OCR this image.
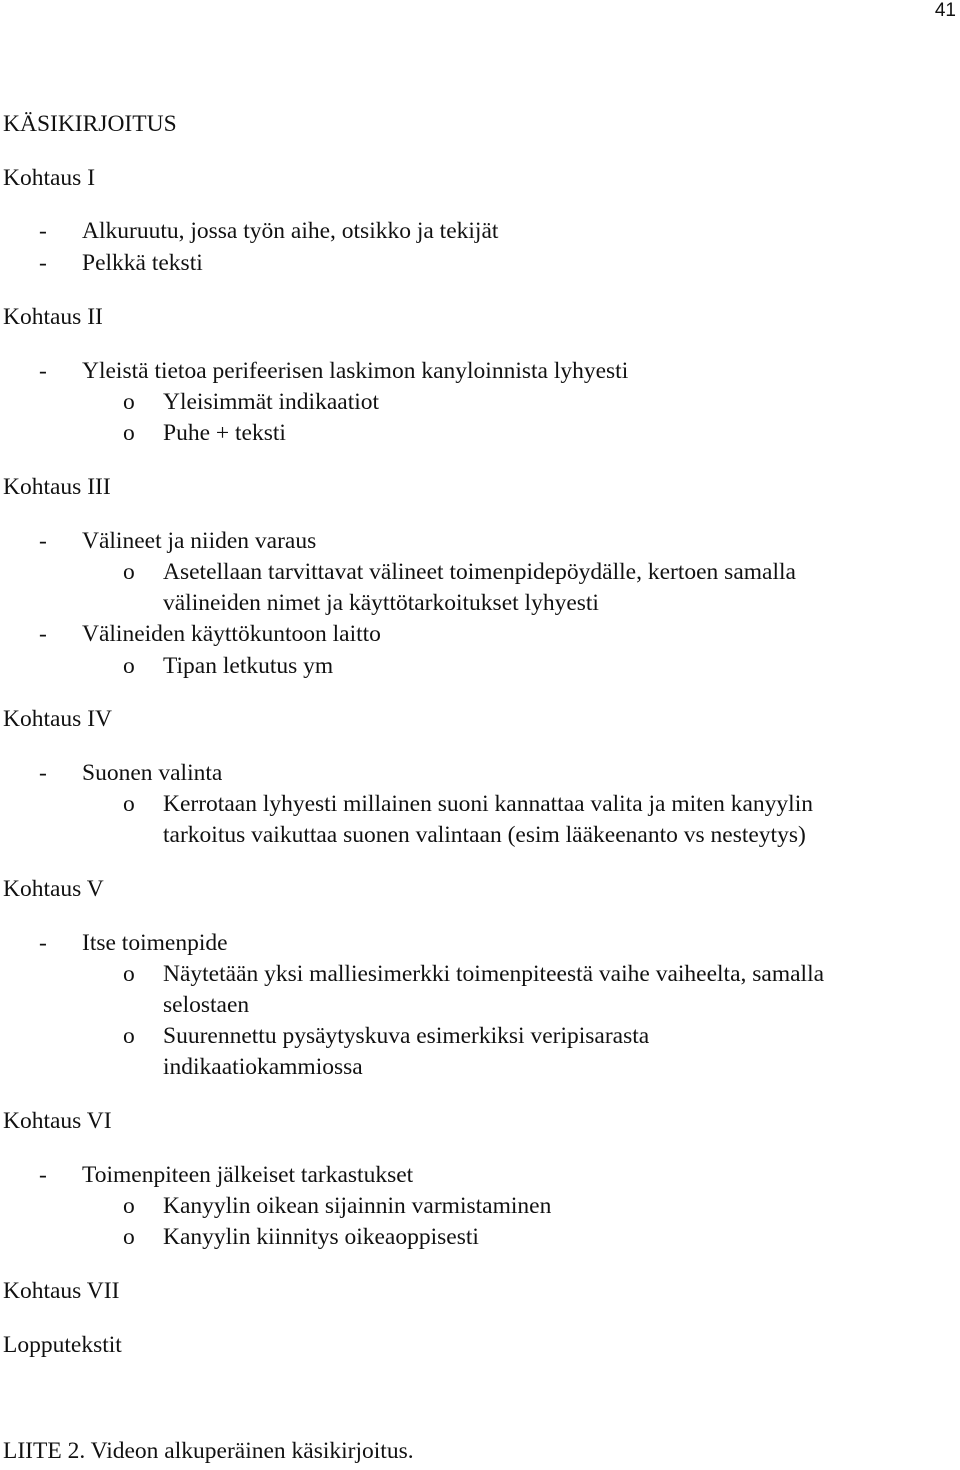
41
KÄSIKIRJOITUS
Kohtaus I
- Alkuruutu, jossa työn aihe, otsikko ja tekijät
- Pelkkä teksti
Kohtaus II
- Yleistä tietoa perifeerisen laskimon kanyloinnista lyhyesti
o Yleisimmät indikaatiot
o Puhe + teksti
Kohtaus III
- Välineet ja niiden varaus
o Asetellaan tarvittavat välineet toimenpidepöydälle, kertoen samalla
välineiden nimet ja käyttötarkoitukset lyhyesti
- Välineiden käyttökuntoon laitto
o Tipan letkutus ym
Kohtaus IV
- Suonen valinta
o Kerrotaan lyhyesti millainen suoni kannattaa valita ja miten kanyylin
tarkoitus vaikuttaa suonen valintaan (esim lääkeenanto vs nesteytys)
Kohtaus V
- Itse toimenpide
o Näytetään yksi malliesimerkki toimenpiteestä vaihe vaiheelta, samalla
selostaen
o Suurennettu pysäytyskuva esimerkiksi veripisarasta
indikaatiokammiossa
Kohtaus VI
- Toimenpiteen jälkeiset tarkastukset
o Kanyylin oikean sijainnin varmistaminen
o Kanyylin kiinnitys oikeaoppisesti
Kohtaus VII
Lopputekstit
LIITE 2. Videon alkuperäinen käsikirjoitus.
